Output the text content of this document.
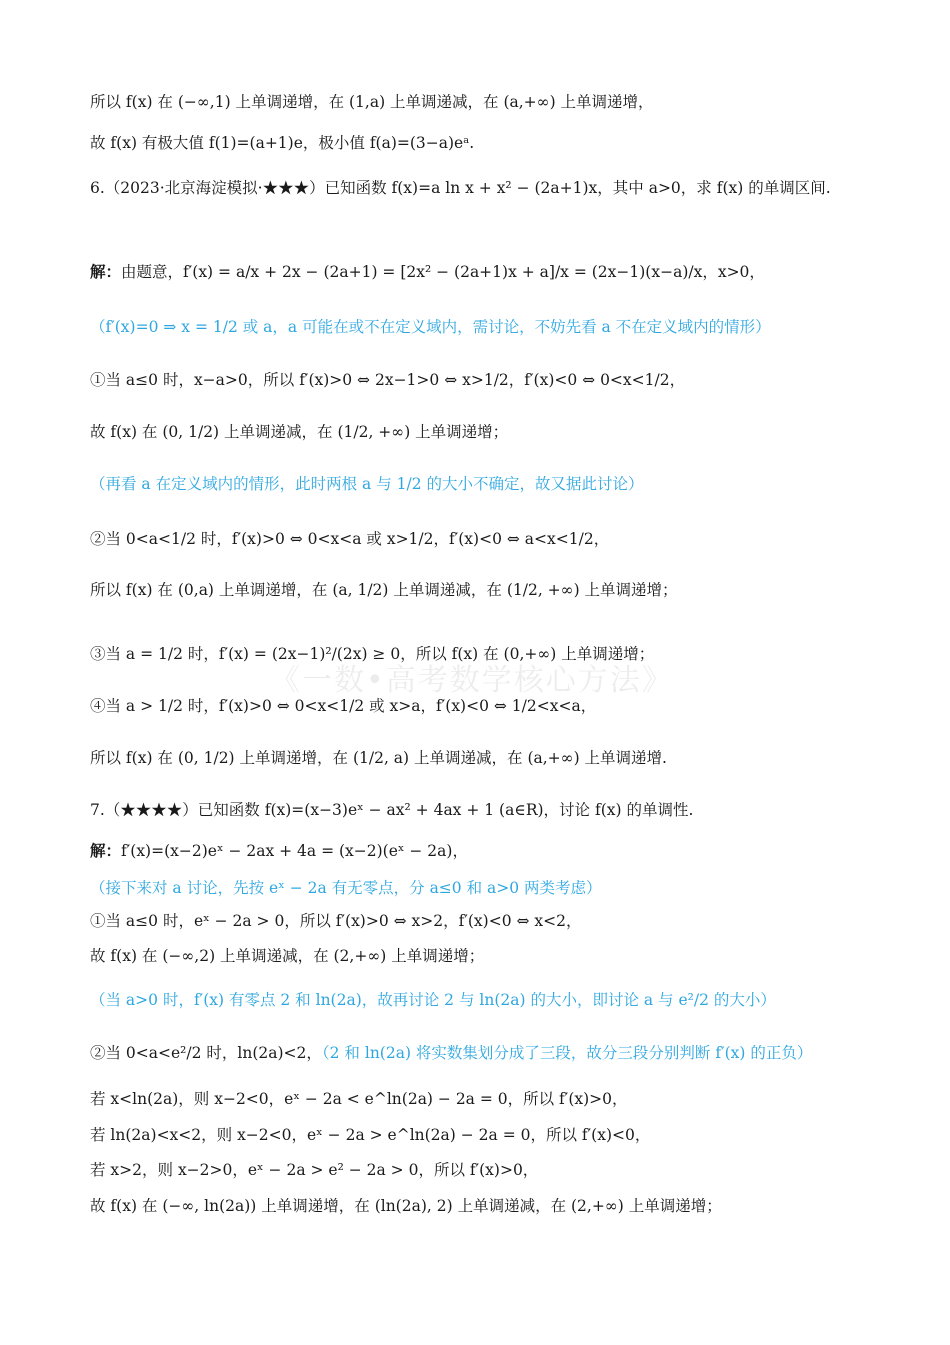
所以 f(x) 在 (−∞,1) 上单调递增，在 (1,a) 上单调递减，在 (a,+∞) 上单调递增，
故 f(x) 有极大值 f(1)=(a+1)e，极小值 f(a)=(3−a)eᵃ.
6.（2023·北京海淀模拟·★★★）已知函数 f(x)=a ln x + x² − (2a+1)x，其中 a>0，求 f(x) 的单调区间.
解：由题意，f′(x) = a/x + 2x − (2a+1) = [2x² − (2a+1)x + a]/x = (2x−1)(x−a)/x，x>0，
（f′(x)=0 ⇒ x = 1/2 或 a，a 可能在或不在定义域内，需讨论，不妨先看 a 不在定义域内的情形）
①当 a≤0 时，x−a>0，所以 f′(x)>0 ⇔ 2x−1>0 ⇔ x>1/2，f′(x)<0 ⇔ 0<x<1/2，
故 f(x) 在 (0, 1/2) 上单调递减，在 (1/2, +∞) 上单调递增；
（再看 a 在定义域内的情形，此时两根 a 与 1/2 的大小不确定，故又据此讨论）
②当 0<a<1/2 时，f′(x)>0 ⇔ 0<x<a 或 x>1/2，f′(x)<0 ⇔ a<x<1/2，
所以 f(x) 在 (0,a) 上单调递增，在 (a, 1/2) 上单调递减，在 (1/2, +∞) 上单调递增；
③当 a = 1/2 时，f′(x) = (2x−1)²/(2x) ≥ 0，所以 f(x) 在 (0,+∞) 上单调递增；
④当 a > 1/2 时，f′(x)>0 ⇔ 0<x<1/2 或 x>a，f′(x)<0 ⇔ 1/2<x<a，
所以 f(x) 在 (0, 1/2) 上单调递增，在 (1/2, a) 上单调递减，在 (a,+∞) 上单调递增.
7.（★★★★）已知函数 f(x)=(x−3)eˣ − ax² + 4ax + 1 (a∈R)，讨论 f(x) 的单调性.
解：f′(x)=(x−2)eˣ − 2ax + 4a = (x−2)(eˣ − 2a)，
（接下来对 a 讨论，先按 eˣ − 2a 有无零点，分 a≤0 和 a>0 两类考虑）
①当 a≤0 时，eˣ − 2a > 0，所以 f′(x)>0 ⇔ x>2，f′(x)<0 ⇔ x<2，
故 f(x) 在 (−∞,2) 上单调递减，在 (2,+∞) 上单调递增；
（当 a>0 时，f′(x) 有零点 2 和 ln(2a)，故再讨论 2 与 ln(2a) 的大小，即讨论 a 与 e²/2 的大小）
②当 0<a<e²/2 时，ln(2a)<2，（2 和 ln(2a) 将实数集划分成了三段，故分三段分别判断 f′(x) 的正负）
若 x<ln(2a)，则 x−2<0，eˣ − 2a < e^ln(2a) − 2a = 0，所以 f′(x)>0，
若 ln(2a)<x<2，则 x−2<0，eˣ − 2a > e^ln(2a) − 2a = 0，所以 f′(x)<0，
若 x>2，则 x−2>0，eˣ − 2a > e² − 2a > 0，所以 f′(x)>0，
故 f(x) 在 (−∞, ln(2a)) 上单调递增，在 (ln(2a), 2) 上单调递减，在 (2,+∞) 上单调递增；
《一数•高考数学核心方法》
